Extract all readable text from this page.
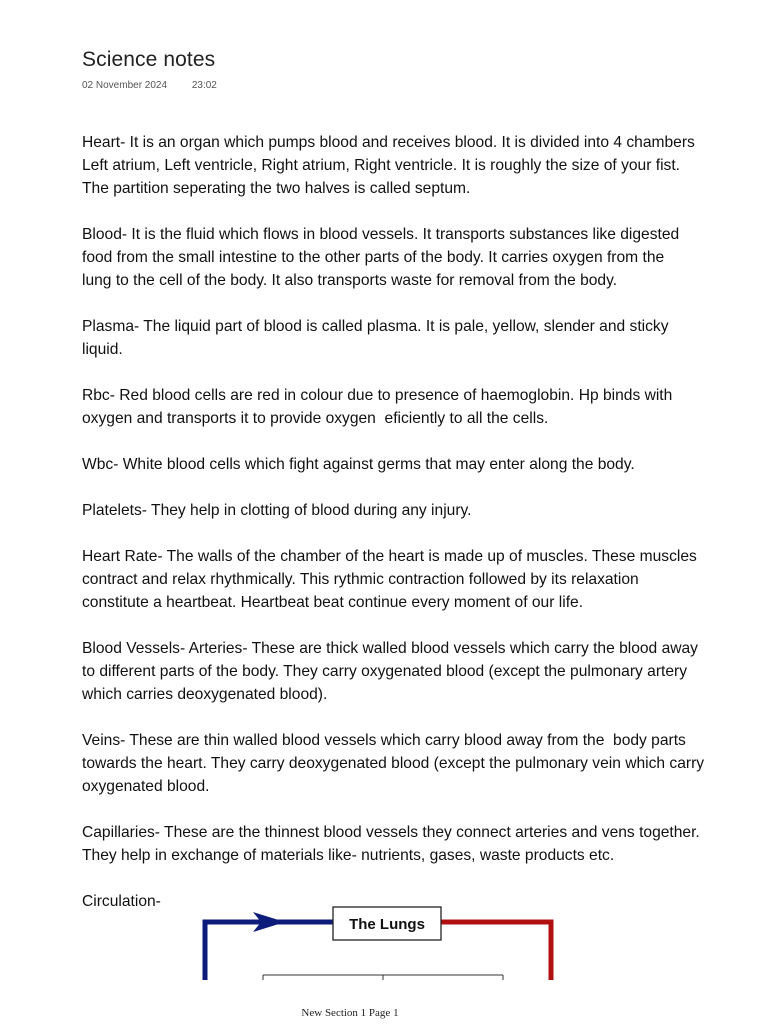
Science notes
02 November 2024 23:02

Heart- It is an organ which pumps blood and receives blood. It is divided into 4 chambers
Left atrium, Left ventricle, Right atrium, Right ventricle. It is roughly the size of your fist.
The partition seperating the two halves is called septum.

Blood- It is the fluid which flows in blood vessels. It transports substances like digested
food from the small intestine to the other parts of the body. It carries oxygen from the
lung to the cell of the body. It also transports waste for removal from the body.

Plasma- The liquid part of blood is called plasma. It is pale, yellow, slender and sticky
liquid.

Rbc- Red blood cells are red in colour due to presence of haemoglobin. Hp binds with
oxygen and transports it to provide oxygen  eficiently to all the cells.

Wbc- White blood cells which fight against germs that may enter along the body.

Platelets- They help in clotting of blood during any injury.

Heart Rate- The walls of the chamber of the heart is made up of muscles. These muscles
contract and relax rhythmically. This rythmic contraction followed by its relaxation
constitute a heartbeat. Heartbeat beat continue every moment of our life.

Blood Vessels- Arteries- These are thick walled blood vessels which carry the blood away
to different parts of the body. They carry oxygenated blood (except the pulmonary artery
which carries deoxygenated blood).

Veins- These are thin walled blood vessels which carry blood away from the  body parts
towards the heart. They carry deoxygenated blood (except the pulmonary vein which carry
oxygenated blood.

Capillaries- These are the thinnest blood vessels they connect arteries and vens together.
They help in exchange of materials like- nutrients, gases, waste products etc.

Circulation-

The Lungs
New Section 1 Page 1
